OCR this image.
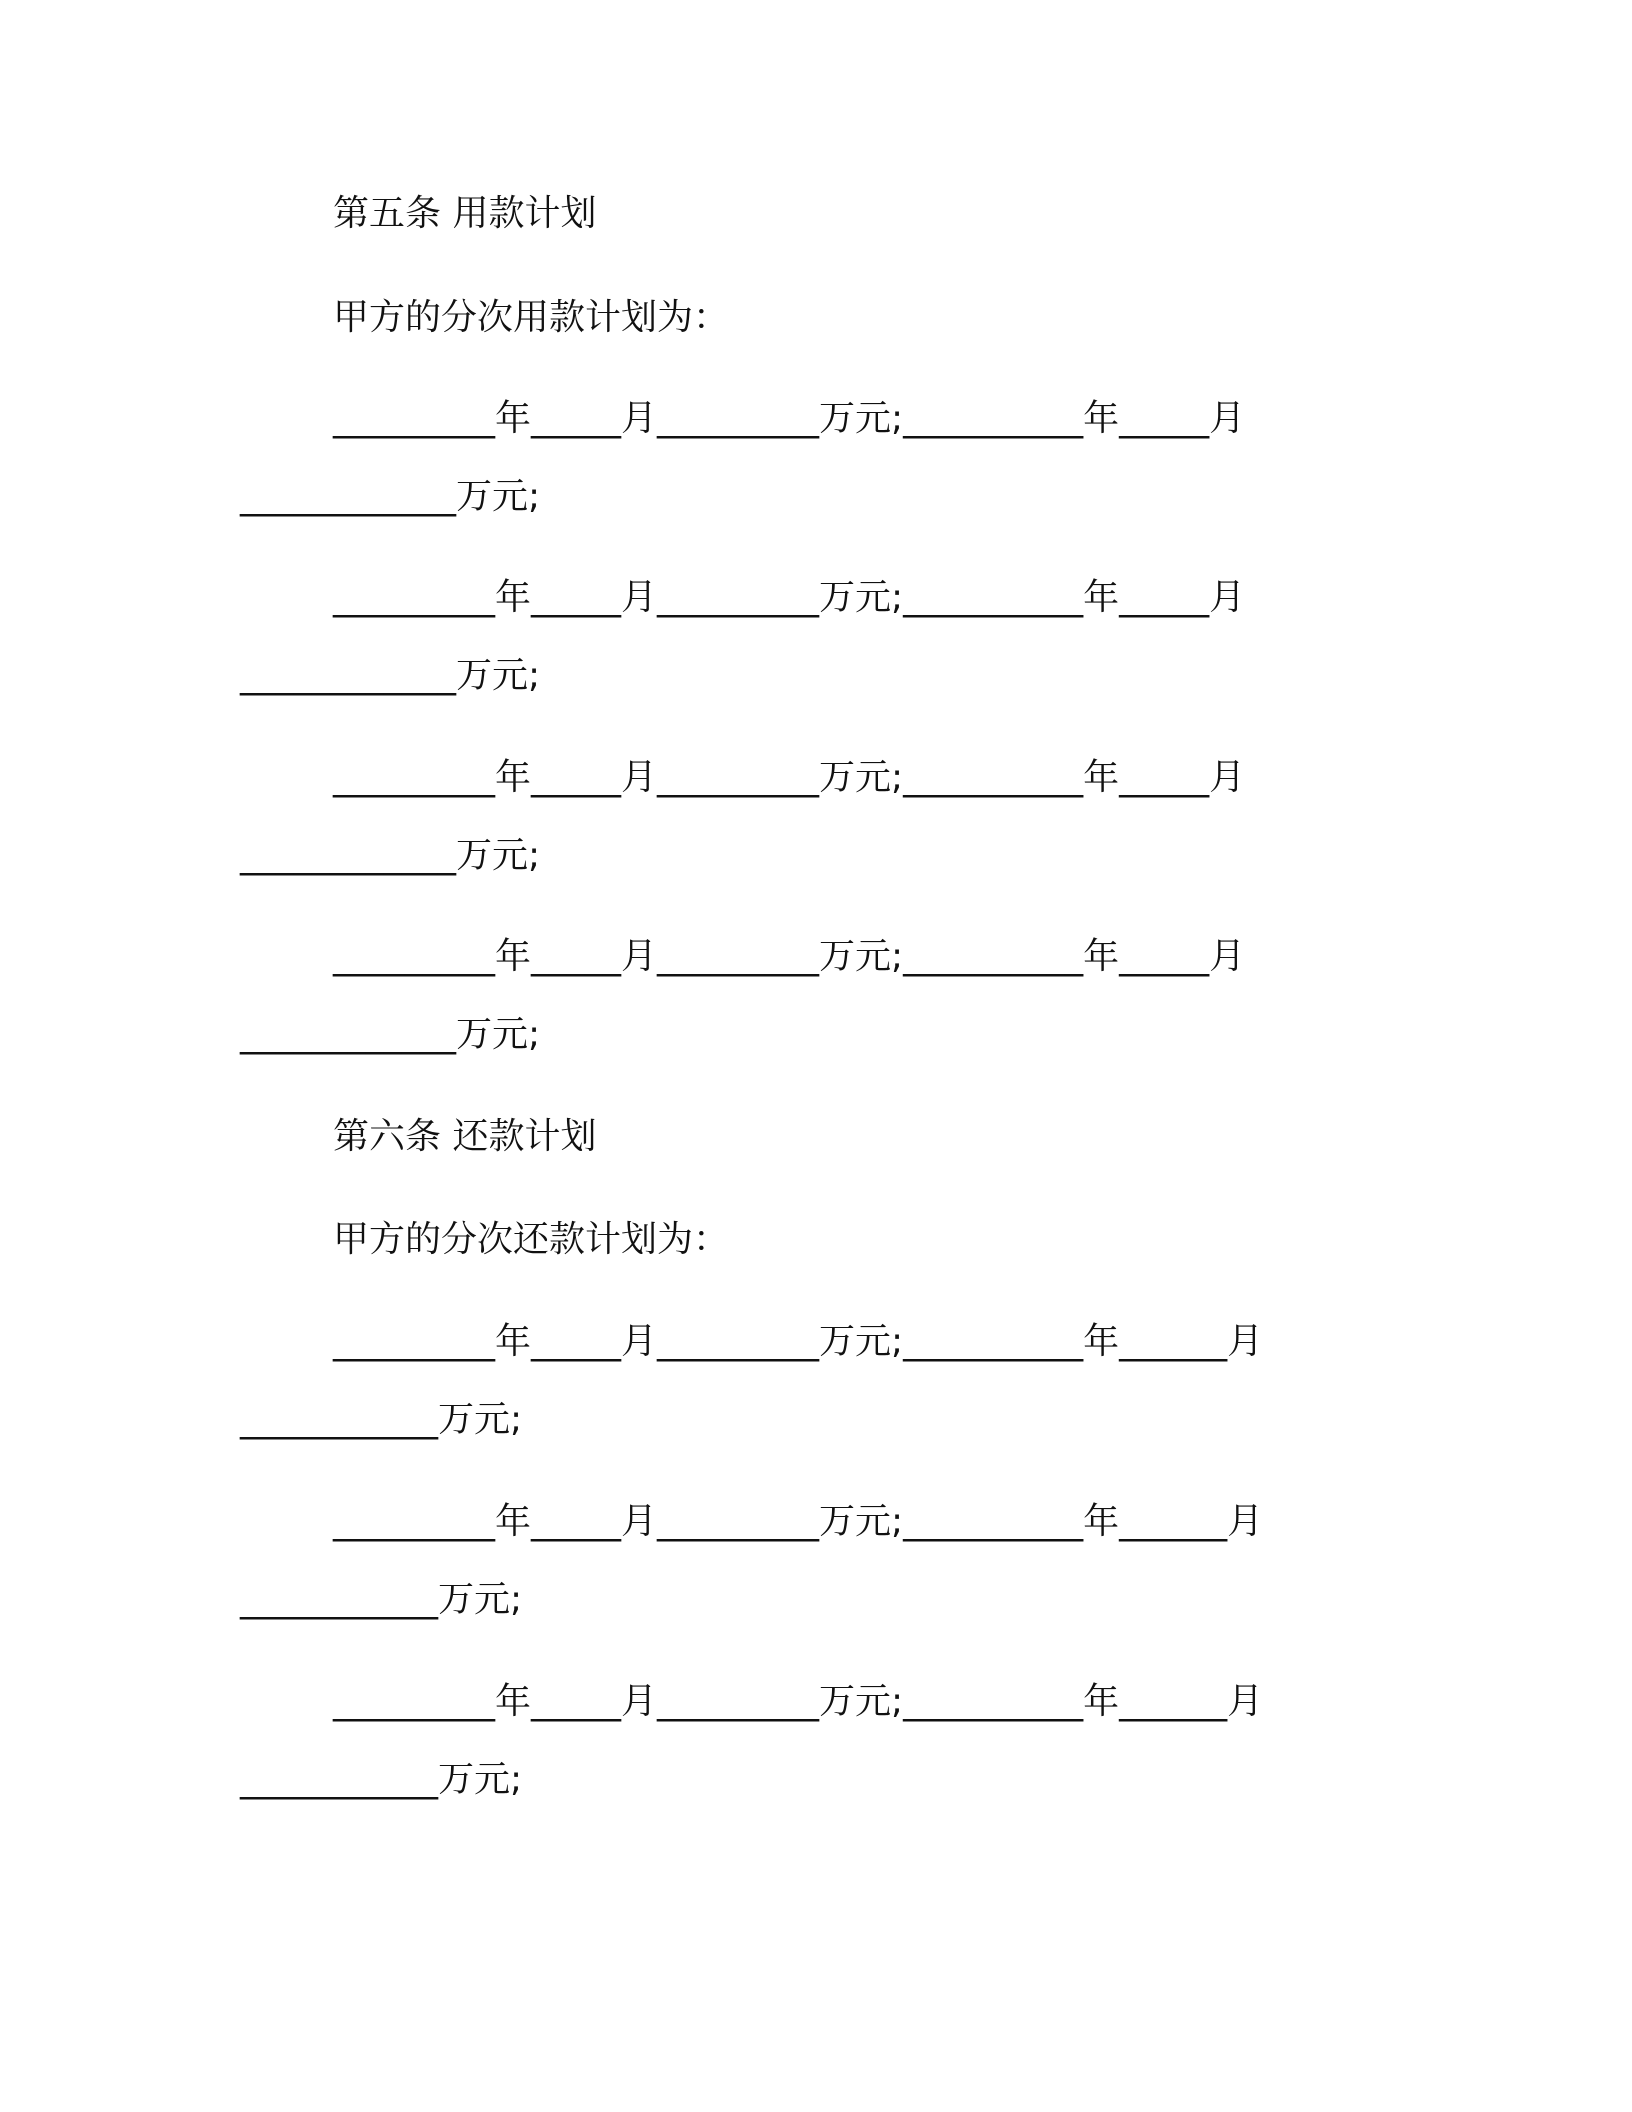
第五条 用款计划
甲方的分次用款计划为：
_________年_____月_________万元;__________年_____月
____________万元;
_________年_____月_________万元;__________年_____月
____________万元;
_________年_____月_________万元;__________年_____月
____________万元;
_________年_____月_________万元;__________年_____月
____________万元;
第六条 还款计划
甲方的分次还款计划为：
_________年_____月_________万元;__________年______月
___________万元;
_________年_____月_________万元;__________年______月
___________万元;
_________年_____月_________万元;__________年______月
___________万元;
